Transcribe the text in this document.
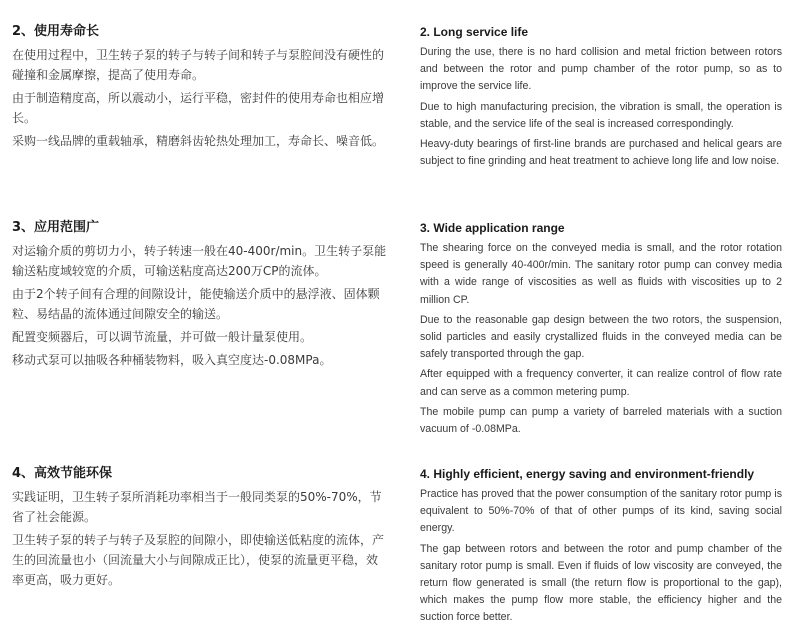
2、使用寿命长

在使用过程中，卫生转子泵的转子与转子间和转子与泵腔间没有硬性的碰撞和金属摩擦，提高了使用寿命。

由于制造精度高，所以震动小，运行平稳，密封件的使用寿命也相应增长。

采购一线品牌的重载轴承，精磨斜齿轮热处理加工，寿命长、噪音低。

3、应用范围广

对运输介质的剪切力小，转子转速一般在40-400r/min。卫生转子泵能输送粘度域较宽的介质，可输送粘度高达200万CP的流体。

由于2个转子间有合理的间隙设计，能使输送介质中的悬浮液、固体颗粒、易结晶的流体通过间隙安全的输送。

配置变频器后，可以调节流量，并可做一般计量泵使用。

移动式泵可以抽吸各种桶装物料，吸入真空度达-0.08MPa。

4、高效节能环保

实践证明，卫生转子泵所消耗功率相当于一般同类泵的50%-70%，节省了社会能源。

卫生转子泵的转子与转子及泵腔的间隙小，即使输送低粘度的流体，产生的回流量也小（回流量大小与间隙成正比），使泵的流量更平稳，效率更高，吸力更好。

2. Long service life

During the use, there is no hard collision and metal friction between rotors and between the rotor and pump chamber of the rotor pump, so as to improve the service life.

Due to high manufacturing precision, the vibration is small, the operation is stable, and the service life of the seal is increased correspondingly.

Heavy-duty bearings of first-line brands are purchased and helical gears are subject to fine grinding and heat treatment to achieve long life and low noise.

3. Wide application range

The shearing force on the conveyed media is small, and the rotor rotation speed is generally 40-400r/min. The sanitary rotor pump can convey media with a wide range of viscosities as well as fluids with viscosities up to 2 million CP.

Due to the reasonable gap design between the two rotors, the suspension, solid particles and easily crystallized fluids in the conveyed media can be safely transported through the gap.

After equipped with a frequency converter, it can realize control of flow rate and can serve as a common metering pump.

The mobile pump can pump a variety of barreled materials with a suction vacuum of -0.08MPa.

4. Highly efficient, energy saving and environment-friendly

Practice has proved that the power consumption of the sanitary rotor pump is equivalent to 50%-70% of that of other pumps of its kind, saving social energy.

The gap between rotors and between the rotor and pump chamber of the sanitary rotor pump is small. Even if fluids of low viscosity are conveyed, the return flow generated is small (the return flow is proportional to the gap), which makes the pump flow more stable, the efficiency higher and the suction force better.
